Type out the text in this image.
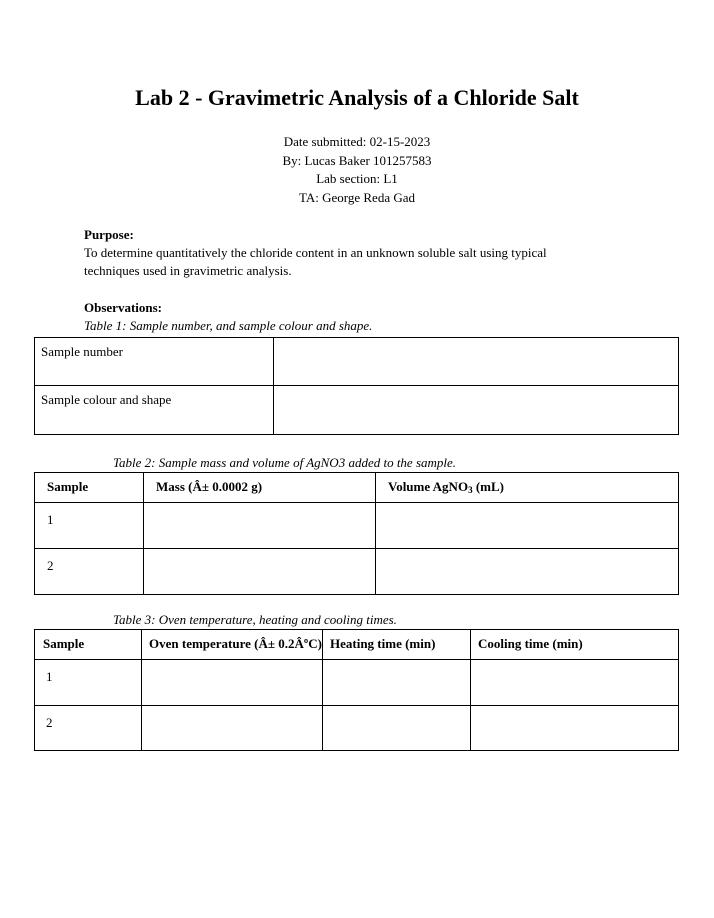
Lab 2 - Gravimetric Analysis of a Chloride Salt
Date submitted: 02-15-2023
By: Lucas Baker 101257583
Lab section: L1
TA: George Reda Gad
Purpose:
To determine quantitatively the chloride content in an unknown soluble salt using typical
techniques used in gravimetric analysis.
Observations:
Table 1: Sample number, and sample colour and shape.
Sample number	

Sample colour and shape	

Table 2: Sample mass and volume of AgNO3 added to the sample.
Sample	Mass (Â± 0.0002 g)	Volume AgNO$_3$ (mL)

1		

2		

Table 3: Oven temperature, heating and cooling times.
Sample	Oven temperature (Â± 0.2ÂºC)	Heating time (min)	Cooling time (min)

1			

2			
